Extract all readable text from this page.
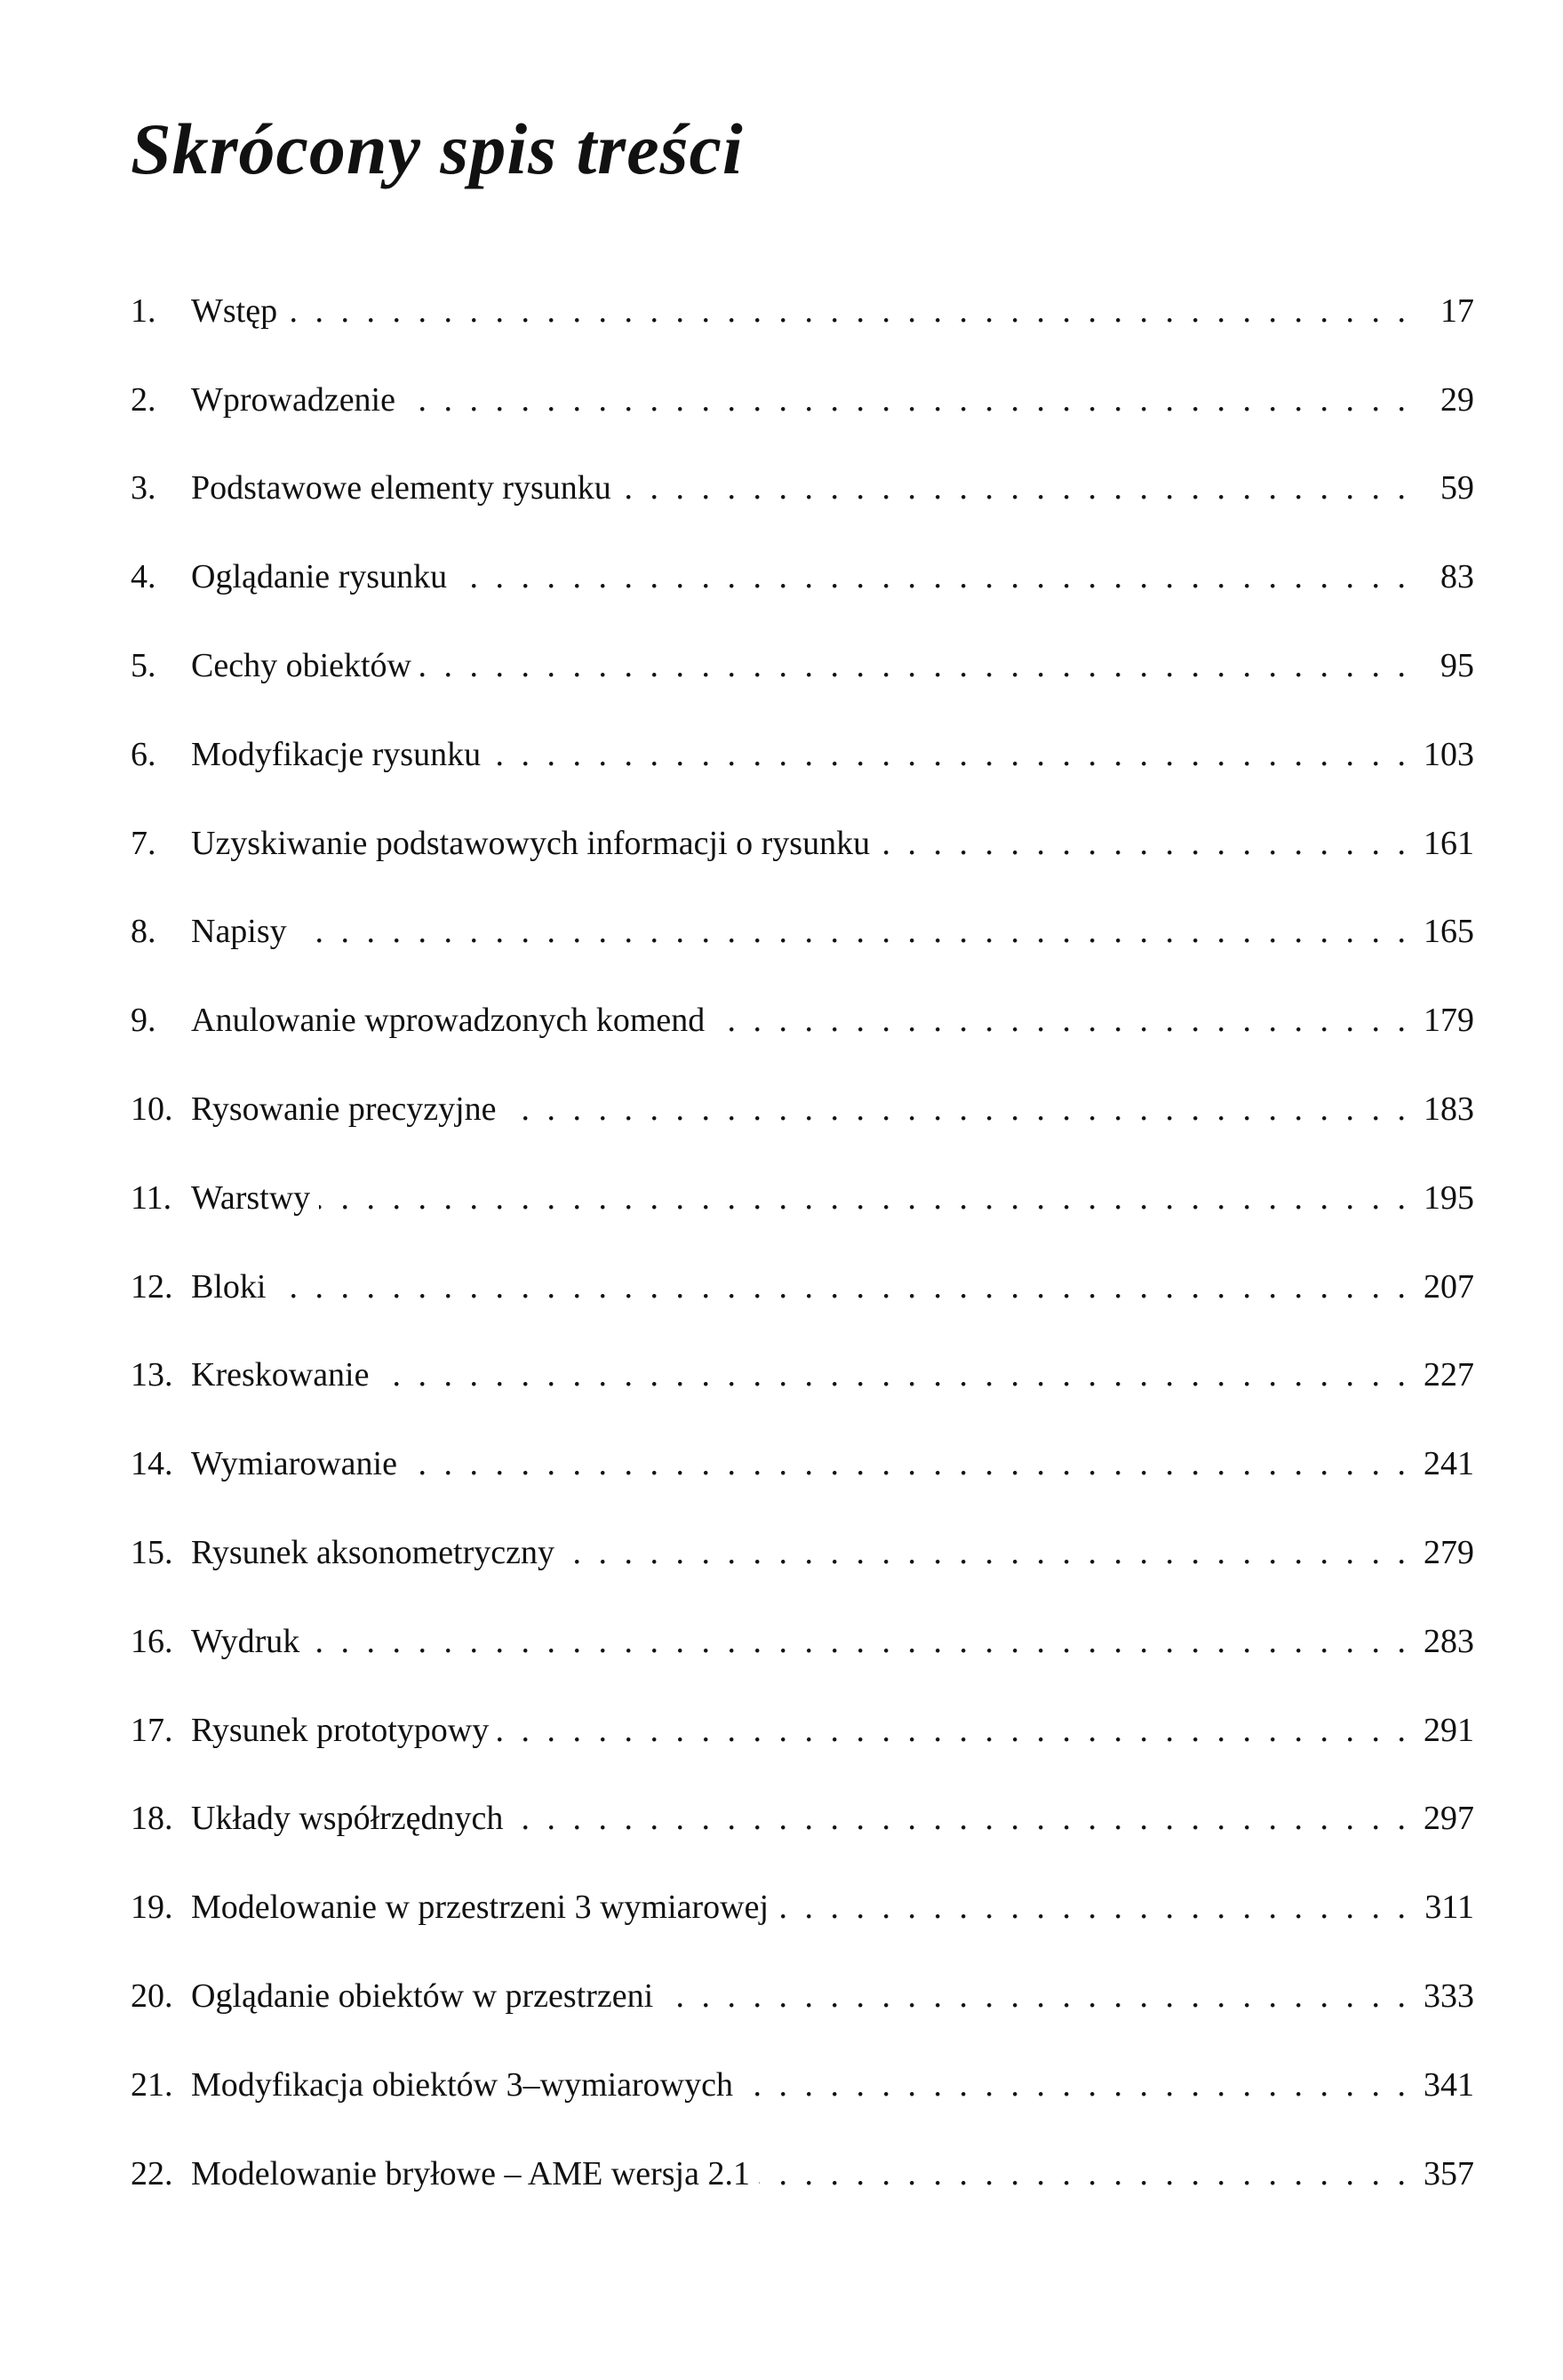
Skrócony spis treści
1.	Wstęp . . .	17
2.	Wprowadzenie . . .	29
3.	Podstawowe elementy rysunku . . .	59
4.	Oglądanie rysunku . . .	83
5.	Cechy obiektów . . .	95
6.	Modyfikacje rysunku . . .	103
7.	Uzyskiwanie podstawowych informacji o rysunku . . .	161
8.	Napisy . . .	165
9.	Anulowanie wprowadzonych komend . . .	179
10. Rysowanie precyzyjne . . .	183
11. Warstwy . . .	195
12. Bloki . . .	207
13. Kreskowanie . . .	227
14. Wymiarowanie . . .	241
15. Rysunek aksonometryczny . . .	279
16. Wydruk . . .	283
17. Rysunek prototypowy . . .	291
18. Układy współrzędnych . . .	297
19. Modelowanie w przestrzeni 3 wymiarowej . . .	311
20. Oglądanie obiektów w przestrzeni . . .	333
21. Modyfikacja obiektów 3–wymiarowych . . .	341
22. Modelowanie bryłowe – AME wersja 2.1 . . .	357
